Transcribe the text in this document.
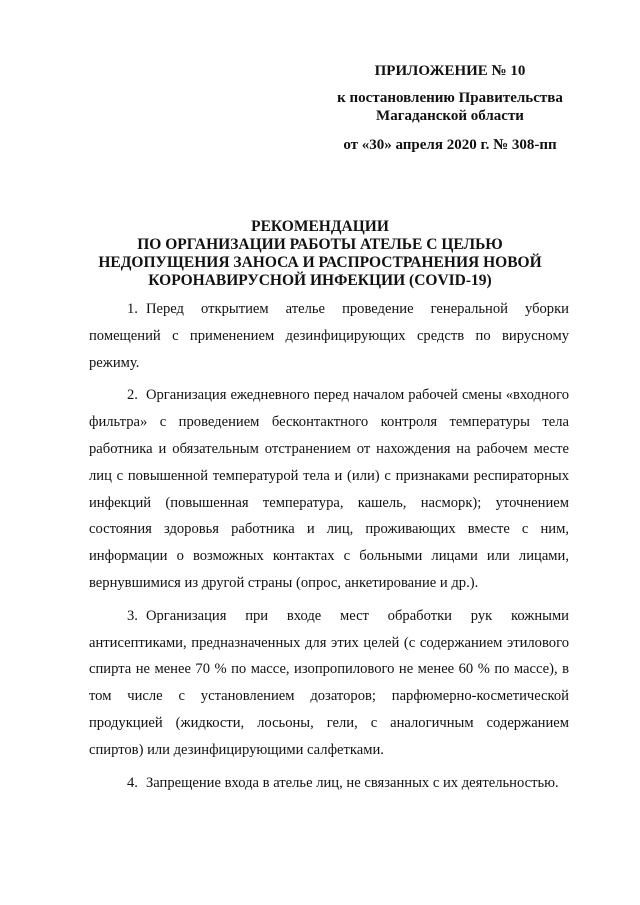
ПРИЛОЖЕНИЕ № 10
к постановлению Правительства
Магаданской области
от «30» апреля 2020 г. № 308-пп
РЕКОМЕНДАЦИИ
ПО ОРГАНИЗАЦИИ РАБОТЫ АТЕЛЬЕ С ЦЕЛЬЮ
НЕДОПУЩЕНИЯ ЗАНОСА И РАСПРОСТРАНЕНИЯ НОВОЙ
КОРОНАВИРУСНОЙ ИНФЕКЦИИ (COVID-19)

1. Перед открытием ателье проведение генеральной уборки помещений с применением дезинфицирующих средств по вирусному режиму.

2. Организация ежедневного перед началом рабочей смены «входного фильтра» с проведением бесконтактного контроля температуры тела работника и обязательным отстранением от нахождения на рабочем месте лиц с повышенной температурой тела и (или) с признаками респираторных инфекций (повышенная температура, кашель, насморк); уточнением состояния здоровья работника и лиц, проживающих вместе с ним, информации о возможных контактах с больными лицами или лицами, вернувшимися из другой страны (опрос, анкетирование и др.).

3. Организация при входе мест обработки рук кожными антисептиками, предназначенных для этих целей (с содержанием этилового спирта не менее 70 % по массе, изопропилового не менее 60 % по массе), в том числе с установлением дозаторов; парфюмерно-косметической продукцией (жидкости, лосьоны, гели, с аналогичным содержанием спиртов) или дезинфицирующими салфетками.

4. Запрещение входа в ателье лиц, не связанных с их деятельностью.
